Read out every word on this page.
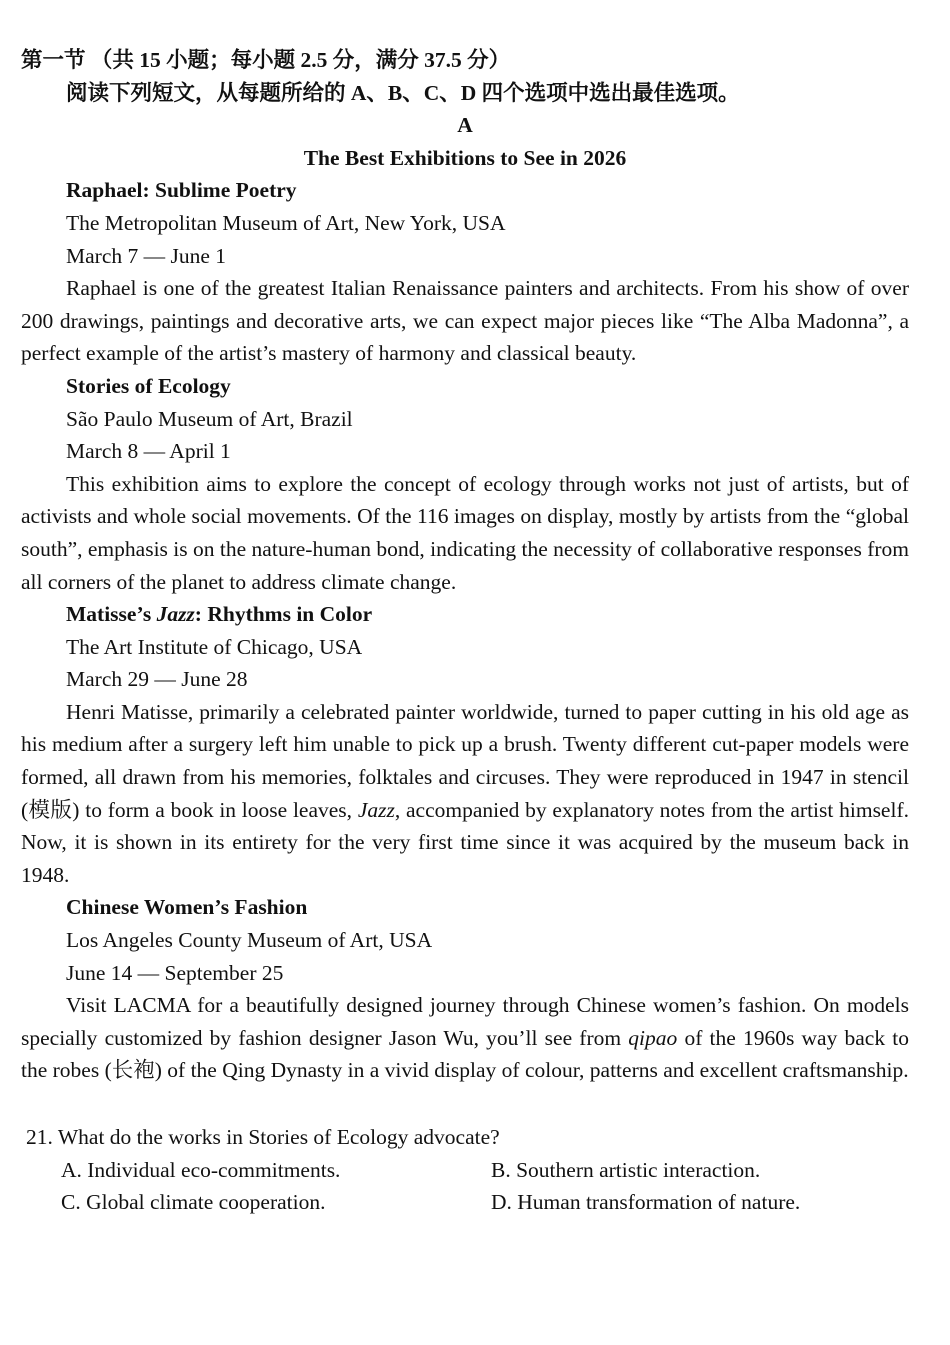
第一节 （共 15 小题；每小题 2.5 分，满分 37.5 分）
阅读下列短文，从每题所给的 A、B、C、D 四个选项中选出最佳选项。
A
The Best Exhibitions to See in 2026
Raphael: Sublime Poetry
The Metropolitan Museum of Art, New York, USA
March 7 — June 1
Raphael is one of the greatest Italian Renaissance painters and architects. From his show of over 200 drawings, paintings and decorative arts, we can expect major pieces like “The Alba Madonna”, a perfect example of the artist’s mastery of harmony and classical beauty.
Stories of Ecology
São Paulo Museum of Art, Brazil
March 8 — April 1
This exhibition aims to explore the concept of ecology through works not just of artists, but of activists and whole social movements. Of the 116 images on display, mostly by artists from the “global south”, emphasis is on the nature-human bond, indicating the necessity of collaborative responses from all corners of the planet to address climate change.
Matisse’s Jazz: Rhythms in Color
The Art Institute of Chicago, USA
March 29 — June 28
Henri Matisse, primarily a celebrated painter worldwide, turned to paper cutting in his old age as his medium after a surgery left him unable to pick up a brush. Twenty different cut-paper models were formed, all drawn from his memories, folktales and circuses. They were reproduced in 1947 in stencil (模版) to form a book in loose leaves, Jazz, accompanied by explanatory notes from the artist himself. Now, it is shown in its entirety for the very first time since it was acquired by the museum back in 1948.
Chinese Women’s Fashion
Los Angeles County Museum of Art, USA
June 14 — September 25
Visit LACMA for a beautifully designed journey through Chinese women’s fashion. On models specially customized by fashion designer Jason Wu, you’ll see from qipao of the 1960s way back to the robes (长袍) of the Qing Dynasty in a vivid display of colour, patterns and excellent craftsmanship.
21. What do the works in Stories of Ecology advocate?
A. Individual eco-commitments.	B. Southern artistic interaction.
C. Global climate cooperation.	D. Human transformation of nature.
